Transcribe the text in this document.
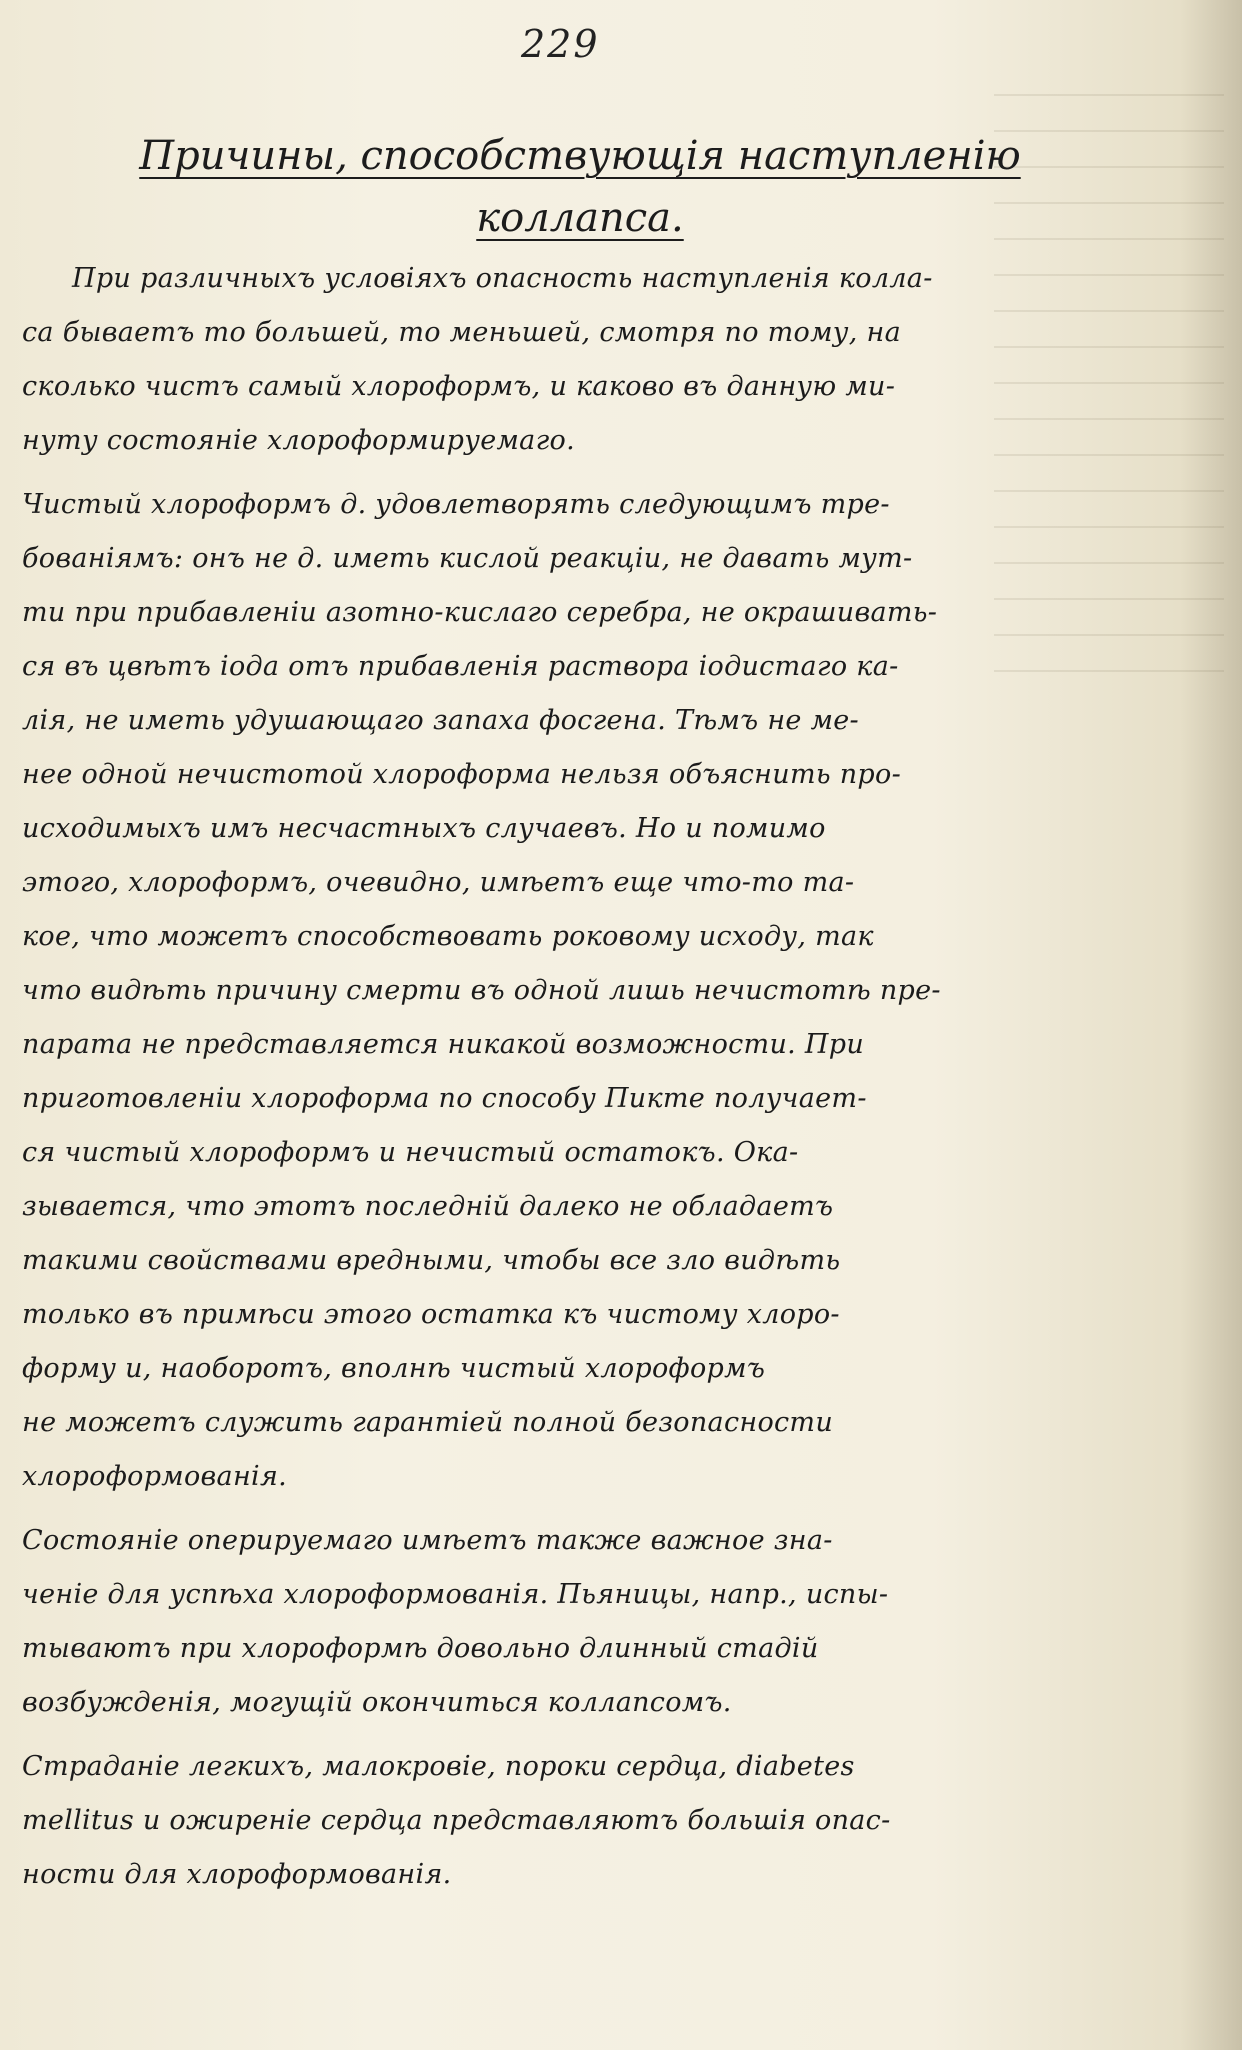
229
Причины, способствующія наступленію
коллапса.
При различныхъ условіяхъ опасность наступленія колла-
са бываетъ то большей, то меньшей, смотря по тому, на
сколько чистъ самый хлороформъ, и каково въ данную ми-
нуту состояніе хлороформируемаго.
Чистый хлороформъ д. удовлетворять следующимъ тре-
бованіямъ: онъ не д. иметь кислой реакціи, не давать мут-
ти при прибавленіи азотно-кислаго серебра, не окрашивать-
ся въ цвѣтъ іода отъ прибавленія раствора іодистаго ка-
лія, не иметь удушающаго запаха фосгена. Тѣмъ не ме-
нее одной нечистотой хлороформа нельзя объяснить про-
исходимыхъ имъ несчастныхъ случаевъ. Но и помимо
этого, хлороформъ, очевидно, имѣетъ еще что-то та-
кое, что можетъ способствовать роковому исходу, так
что видѣть причину смерти въ одной лишь нечистотѣ пре-
парата не представляется никакой возможности. При
приготовленіи хлороформа по способу Пикте получает-
ся чистый хлороформъ и нечистый остатокъ. Ока-
зывается, что этотъ последній далеко не обладаетъ
такими свойствами вредными, чтобы все зло видѣть
только въ примѣси этого остатка къ чистому хлоро-
форму и, наоборотъ, вполнѣ чистый хлороформъ
не можетъ служить гарантіей полной безопасности
хлороформованія.
Состояніе оперируемаго имѣетъ также важное зна-
ченіе для успѣха хлороформованія. Пьяницы, напр., испы-
тываютъ при хлороформѣ довольно длинный стадій
возбужденія, могущій окончиться коллапсомъ.
Страданіе легкихъ, малокровіе, пороки сердца, diabetes
mellitus и ожиреніе сердца представляютъ большія опас-
ности для хлороформованія.
